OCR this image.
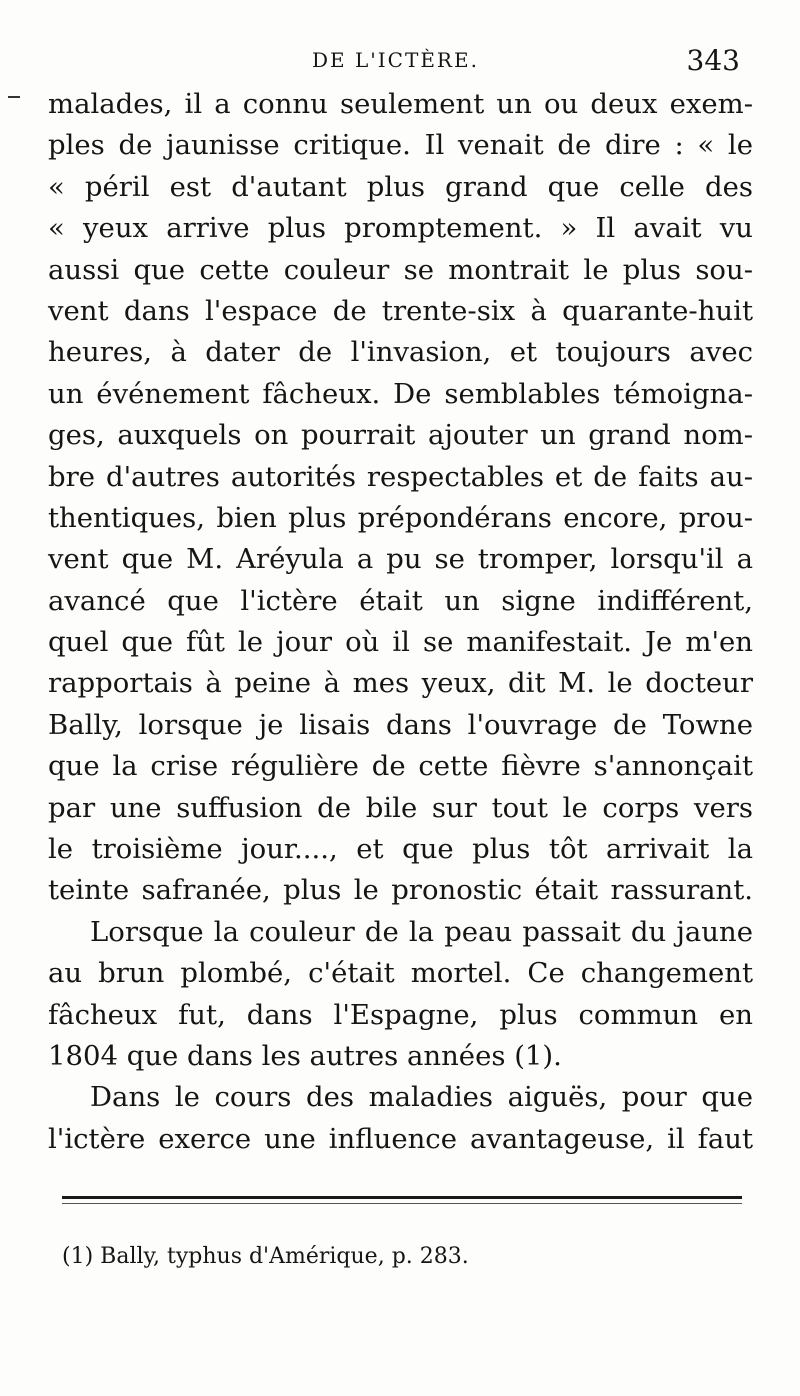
DE L'ICTÈRE.	343
malades, il a connu seulement un ou deux exem-
ples de jaunisse critique. Il venait de dire : « le
« péril est d'autant plus grand que celle des
« yeux arrive plus promptement. » Il avait vu
aussi que cette couleur se montrait le plus sou-
vent dans l'espace de trente-six à quarante-huit
heures, à dater de l'invasion, et toujours avec
un événement fâcheux. De semblables témoigna-
ges, auxquels on pourrait ajouter un grand nom-
bre d'autres autorités respectables et de faits au-
thentiques, bien plus prépondérans encore, prou-
vent que M. Aréyula a pu se tromper, lorsqu'il a
avancé que l'ictère était un signe indifférent,
quel que fût le jour où il se manifestait. Je m'en
rapportais à peine à mes yeux, dit M. le docteur
Bally, lorsque je lisais dans l'ouvrage de Towne
que la crise régulière de cette fièvre s'annonçait
par une suffusion de bile sur tout le corps vers
le troisième jour...., et que plus tôt arrivait la
teinte safranée, plus le pronostic était rassurant.
Lorsque la couleur de la peau passait du jaune
au brun plombé, c'était mortel. Ce changement
fâcheux fut, dans l'Espagne, plus commun en
1804 que dans les autres années (1).
Dans le cours des maladies aiguës, pour que
l'ictère exerce une influence avantageuse, il faut
(1) Bally, typhus d'Amérique, p. 283.
